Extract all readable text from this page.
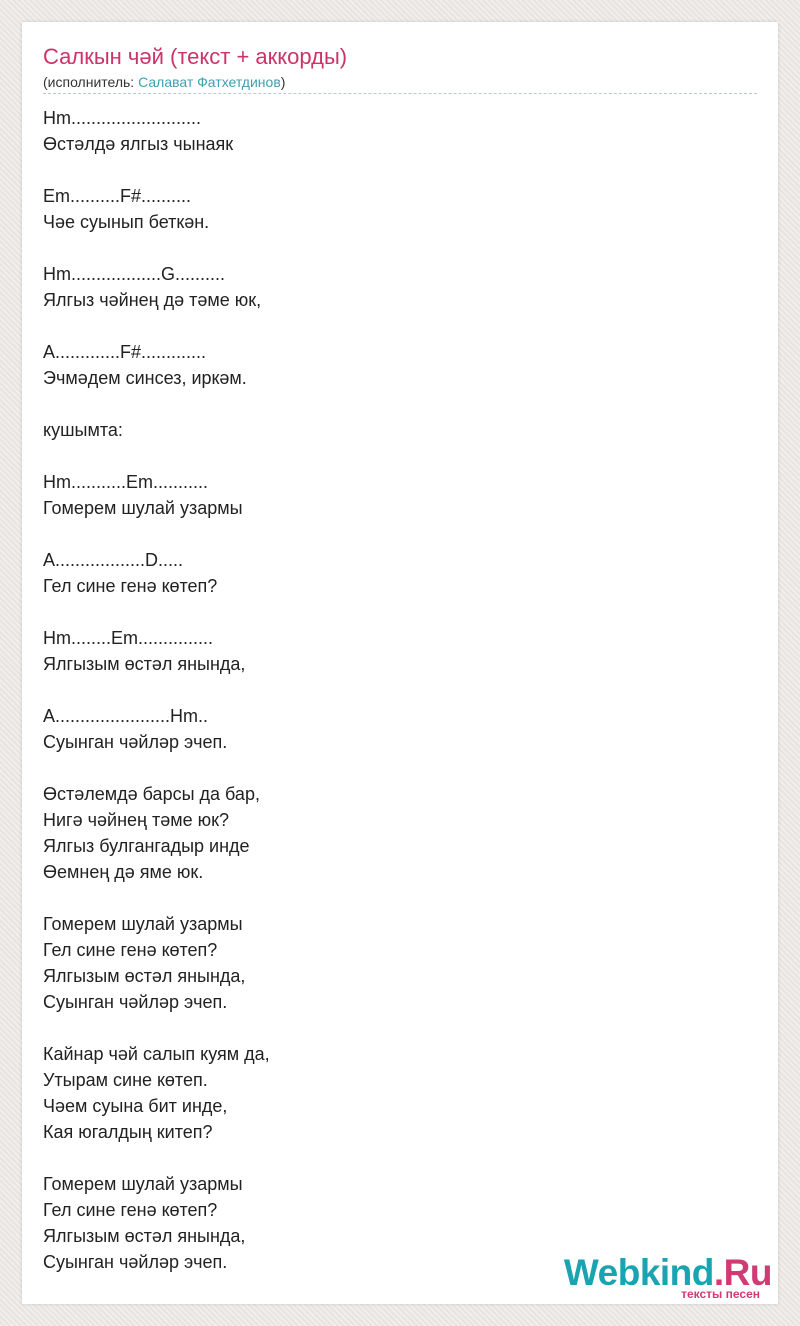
Салкын чәй (текст + аккорды)
(исполнитель: Салават Фатхетдинов)
Hm..........................
Өстәлдә ялгыз чынаяк

Em..........F#..........
Чәе суынып беткән.

Hm..................G..........
Ялгыз чәйнең дә тәме юк,

A.............F#.............
Эчмәдем синсез, иркәм.

кушымта:

Hm...........Em...........
Гомерем шулай узармы

A..................D.....
Гел сине генә көтеп?

Hm........Em...............
Ялгызым өстәл янында,

A.......................Hm..
Суынган чәйләр эчеп.

Өстәлемдә барсы да бар,
Нигә чәйнең тәме юк?
Ялгыз булгангадыр инде
Өемнең дә яме юк.

Гомерем шулай узармы
Гел сине генә көтеп?
Ялгызым өстәл янында,
Суынган чәйләр эчеп.

Кайнар чәй салып куям да,
Утырам сине көтеп.
Чәем суына бит инде,
Кая югалдың китеп?

Гомерем шулай узармы
Гел сине генә көтеп?
Ялгызым өстәл янында,
Суынган чәйләр эчеп.	Webkind.Ru
тексты песен
